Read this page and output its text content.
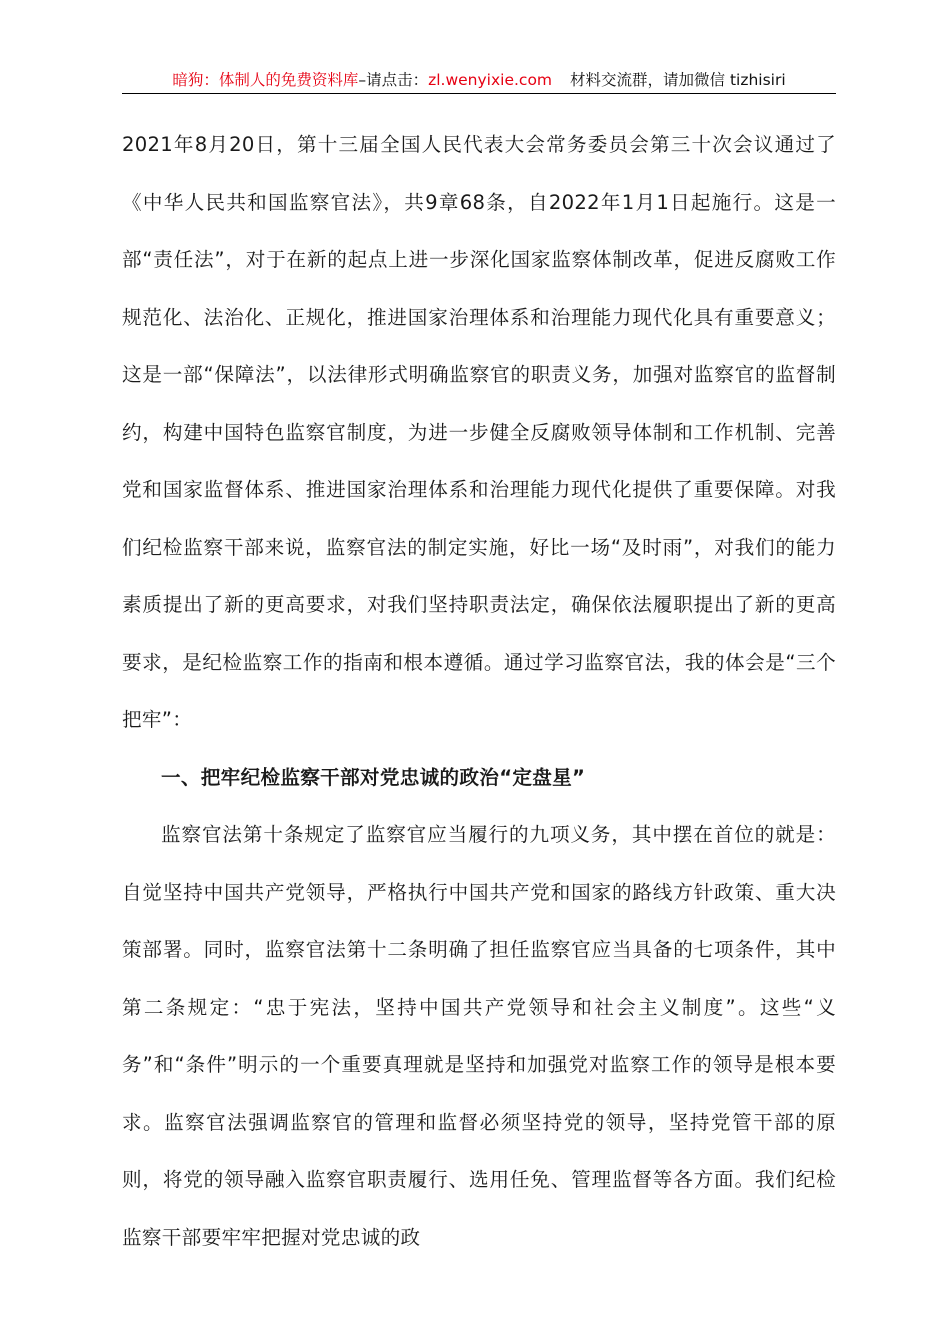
暗狗：体制人的免费资料库 –请点击： zl.wenyixie.com 材料交流群，请加微信 tizhisiri

2021年8月20日，第十三届全国人民代表大会常务委员会第三十次会议通过了《中华人民共和国监察官法》，共9章68条，自2022年1月1日起施行。这是一部“责任法”，对于在新的起点上进一步深化国家监察体制改革，促进反腐败工作规范化、法治化、正规化，推进国家治理体系和治理能力现代化具有重要意义；这是一部“保障法”，以法律形式明确监察官的职责义务，加强对监察官的监督制约，构建中国特色监察官制度，为进一步健全反腐败领导体制和工作机制、完善党和国家监督体系、推进国家治理体系和治理能力现代化提供了重要保障。对我们纪检监察干部来说，监察官法的制定实施，好比一场“及时雨”，对我们的能力素质提出了新的更高要求，对我们坚持职责法定，确保依法履职提出了新的更高要求，是纪检监察工作的指南和根本遵循。通过学习监察官法，我的体会是“三个把牢”：

一、把牢纪检监察干部对党忠诚的政治“定盘星”

监察官法第十条规定了监察官应当履行的九项义务，其中摆在首位的就是：自觉坚持中国共产党领导，严格执行中国共产党和国家的路线方针政策、重大决策部署。同时，监察官法第十二条明确了担任监察官应当具备的七项条件，其中第二条规定：“忠于宪法，坚持中国共产党领导和社会主义制度”。这些“义务”和“条件”明示的一个重要真理就是坚持和加强党对监察工作的领导是根本要求。监察官法强调监察官的管理和监督必须坚持党的领导，坚持党管干部的原则，将党的领导融入监察官职责履行、选用任免、管理监督等各方面。我们纪检监察干部要牢牢把握对党忠诚的政
